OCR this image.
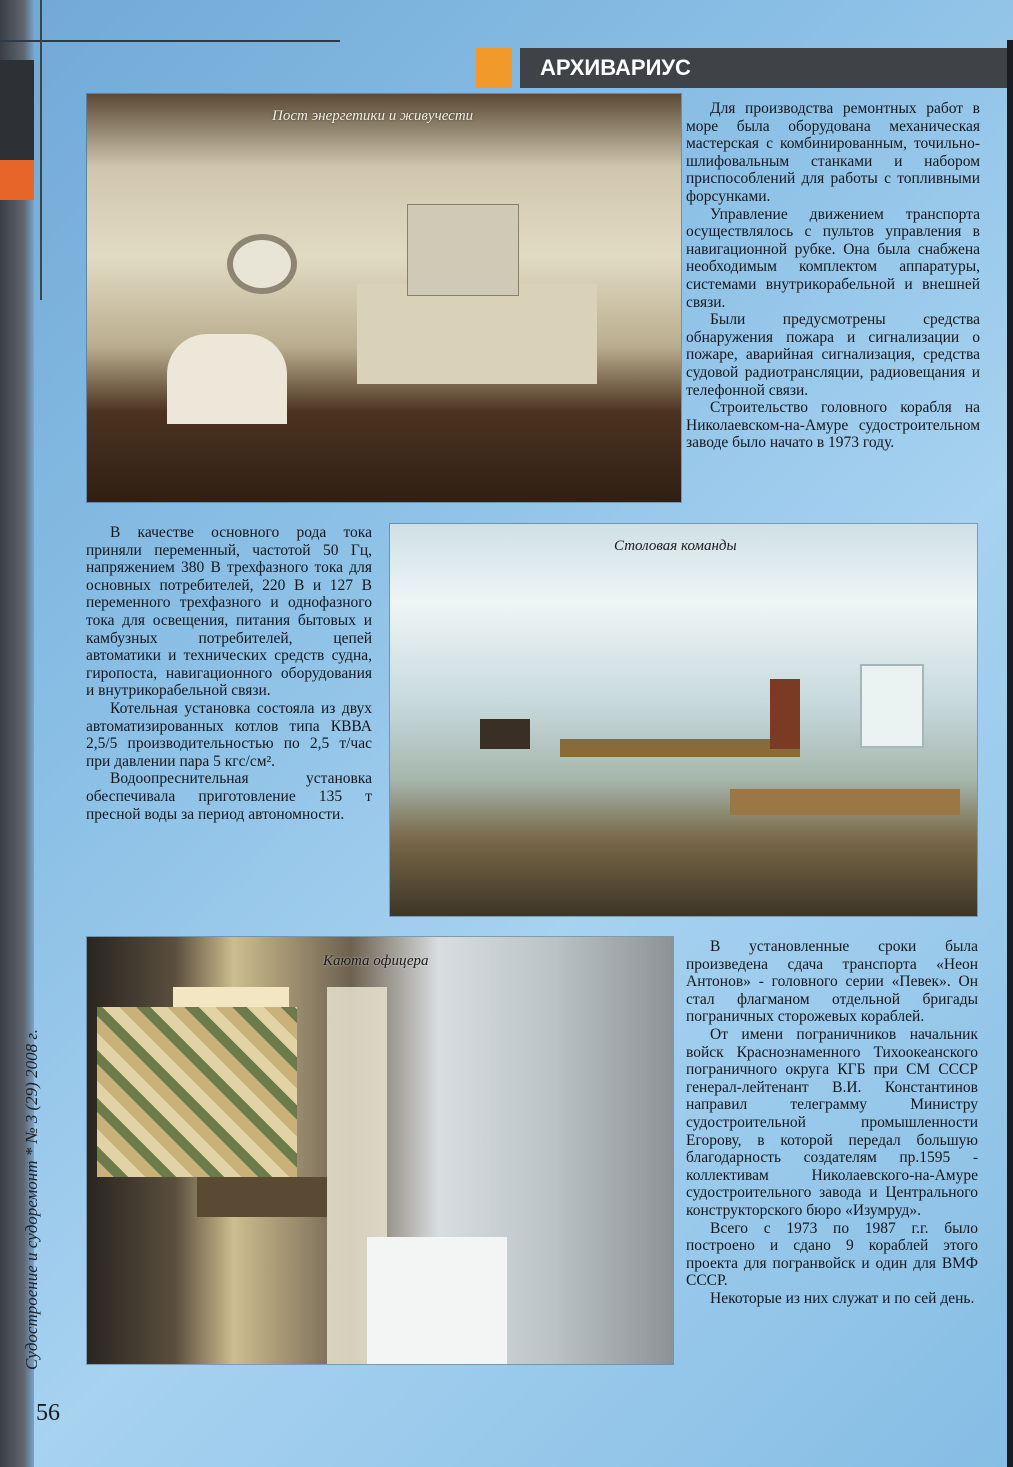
АРХИВАРИУС
Пост энергетики и живучести
Столовая команды
Каюта офицера

Для производства ремонтных работ в море была оборудована механическая мастерская с комбинированным, точильно-шлифовальным станками и набором приспособлений для работы с топливными форсунками.

Управление движением транспорта осуществлялось с пультов управления в навигационной рубке. Она была снабжена необходимым комплектом аппаратуры, системами внутрикорабельной и внешней связи.

Были предусмотрены средства обнаружения пожара и сигнализации о пожаре, аварийная сигнализация, средства судовой радиотрансляции, радиовещания и телефонной связи.

Строительство головного корабля на Николаевском-на-Амуре судостроительном заводе было начато в 1973 году.

В качестве основного рода тока приняли переменный, частотой 50 Гц, напряжением 380 В трехфазного тока для основных потребителей, 220 В и 127 В переменного трехфазного и однофазного тока для освещения, питания бытовых и камбузных потребителей, цепей автоматики и технических средств судна, гиропоста, навигационного оборудования и внутрикорабельной связи.

Котельная установка состояла из двух автоматизированных котлов типа КВВА 2,5/5 производительностью по 2,5 т/час при давлении пара 5 кгс/см².

Водоопреснительная установка обеспечивала приготовление 135 т пресной воды за период автономности.

В установленные сроки была произведена сдача транспорта «Неон Антонов» - головного серии «Певек». Он стал флагманом отдельной бригады пограничных сторожевых кораблей.

От имени пограничников начальник войск Краснознаменного Тихоокеанского пограничного округа КГБ при СМ СССР генерал-лейтенант В.И. Константинов направил телеграмму Министру судостроительной промышленности Егорову, в которой передал большую благодарность создателям пр.1595 - коллективам Николаевского-на-Амуре судостроительного завода и Центрального конструкторского бюро «Изумруд».

Всего с 1973 по 1987 г.г. было построено и сдано 9 кораблей этого проекта для погранвойск и один для ВМФ СССР.

Некоторые из них служат и по сей день.

Судостроение и судоремонт * № 3 (29) 2008 г.
56
